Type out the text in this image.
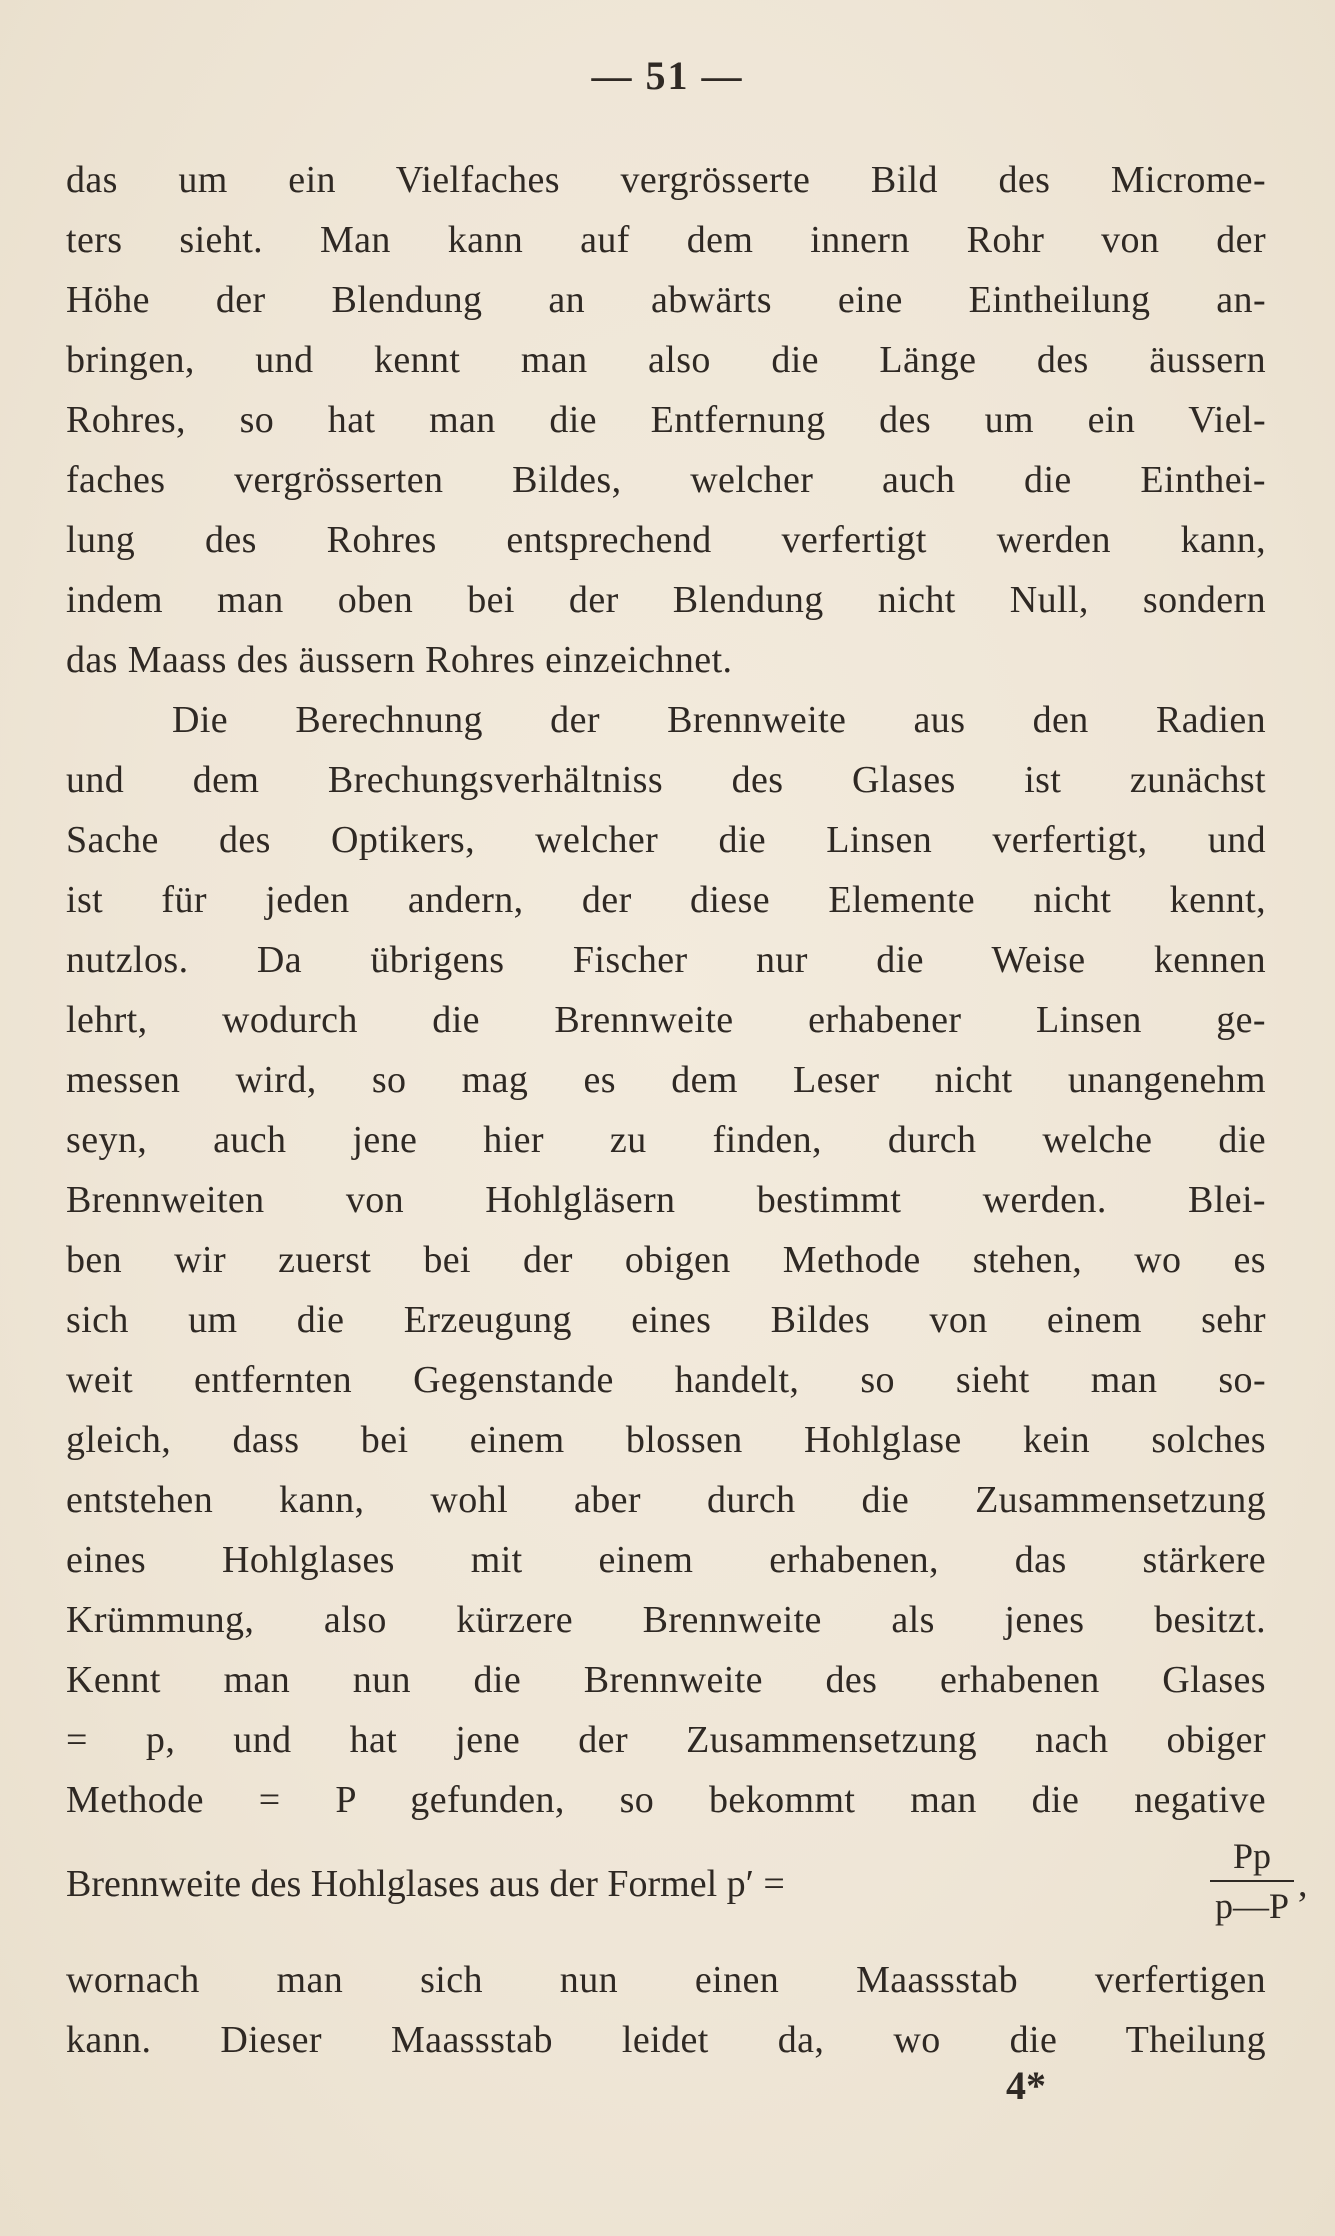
— 51 —
das um ein Vielfaches vergrösserte Bild des Microme-
ters sieht. Man kann auf dem innern Rohr von der
Höhe der Blendung an abwärts eine Eintheilung an-
bringen, und kennt man also die Länge des äussern
Rohres, so hat man die Entfernung des um ein Viel-
faches vergrösserten Bildes, welcher auch die Einthei-
lung des Rohres entsprechend verfertigt werden kann,
indem man oben bei der Blendung nicht Null, sondern
das Maass des äussern Rohres einzeichnet.
Die Berechnung der Brennweite aus den Radien
und dem Brechungsverhältniss des Glases ist zunächst
Sache des Optikers, welcher die Linsen verfertigt, und
ist für jeden andern, der diese Elemente nicht kennt,
nutzlos. Da übrigens Fischer nur die Weise kennen
lehrt, wodurch die Brennweite erhabener Linsen ge-
messen wird, so mag es dem Leser nicht unangenehm
seyn, auch jene hier zu finden, durch welche die
Brennweiten von Hohlgläsern bestimmt werden. Blei-
ben wir zuerst bei der obigen Methode stehen, wo es
sich um die Erzeugung eines Bildes von einem sehr
weit entfernten Gegenstande handelt, so sieht man so-
gleich, dass bei einem blossen Hohlglase kein solches
entstehen kann, wohl aber durch die Zusammensetzung
eines Hohlglases mit einem erhabenen, das stärkere
Krümmung, also kürzere Brennweite als jenes besitzt.
Kennt man nun die Brennweite des erhabenen Glases
= p, und hat jene der Zusammensetzung nach obiger
Methode = P gefunden, so bekommt man die negative
Brennweite des Hohlglases aus der Formel p′ =
Pp
p—P
,
wornach man sich nun einen Maassstab verfertigen
kann. Dieser Maassstab leidet da, wo die Theilung
4*
